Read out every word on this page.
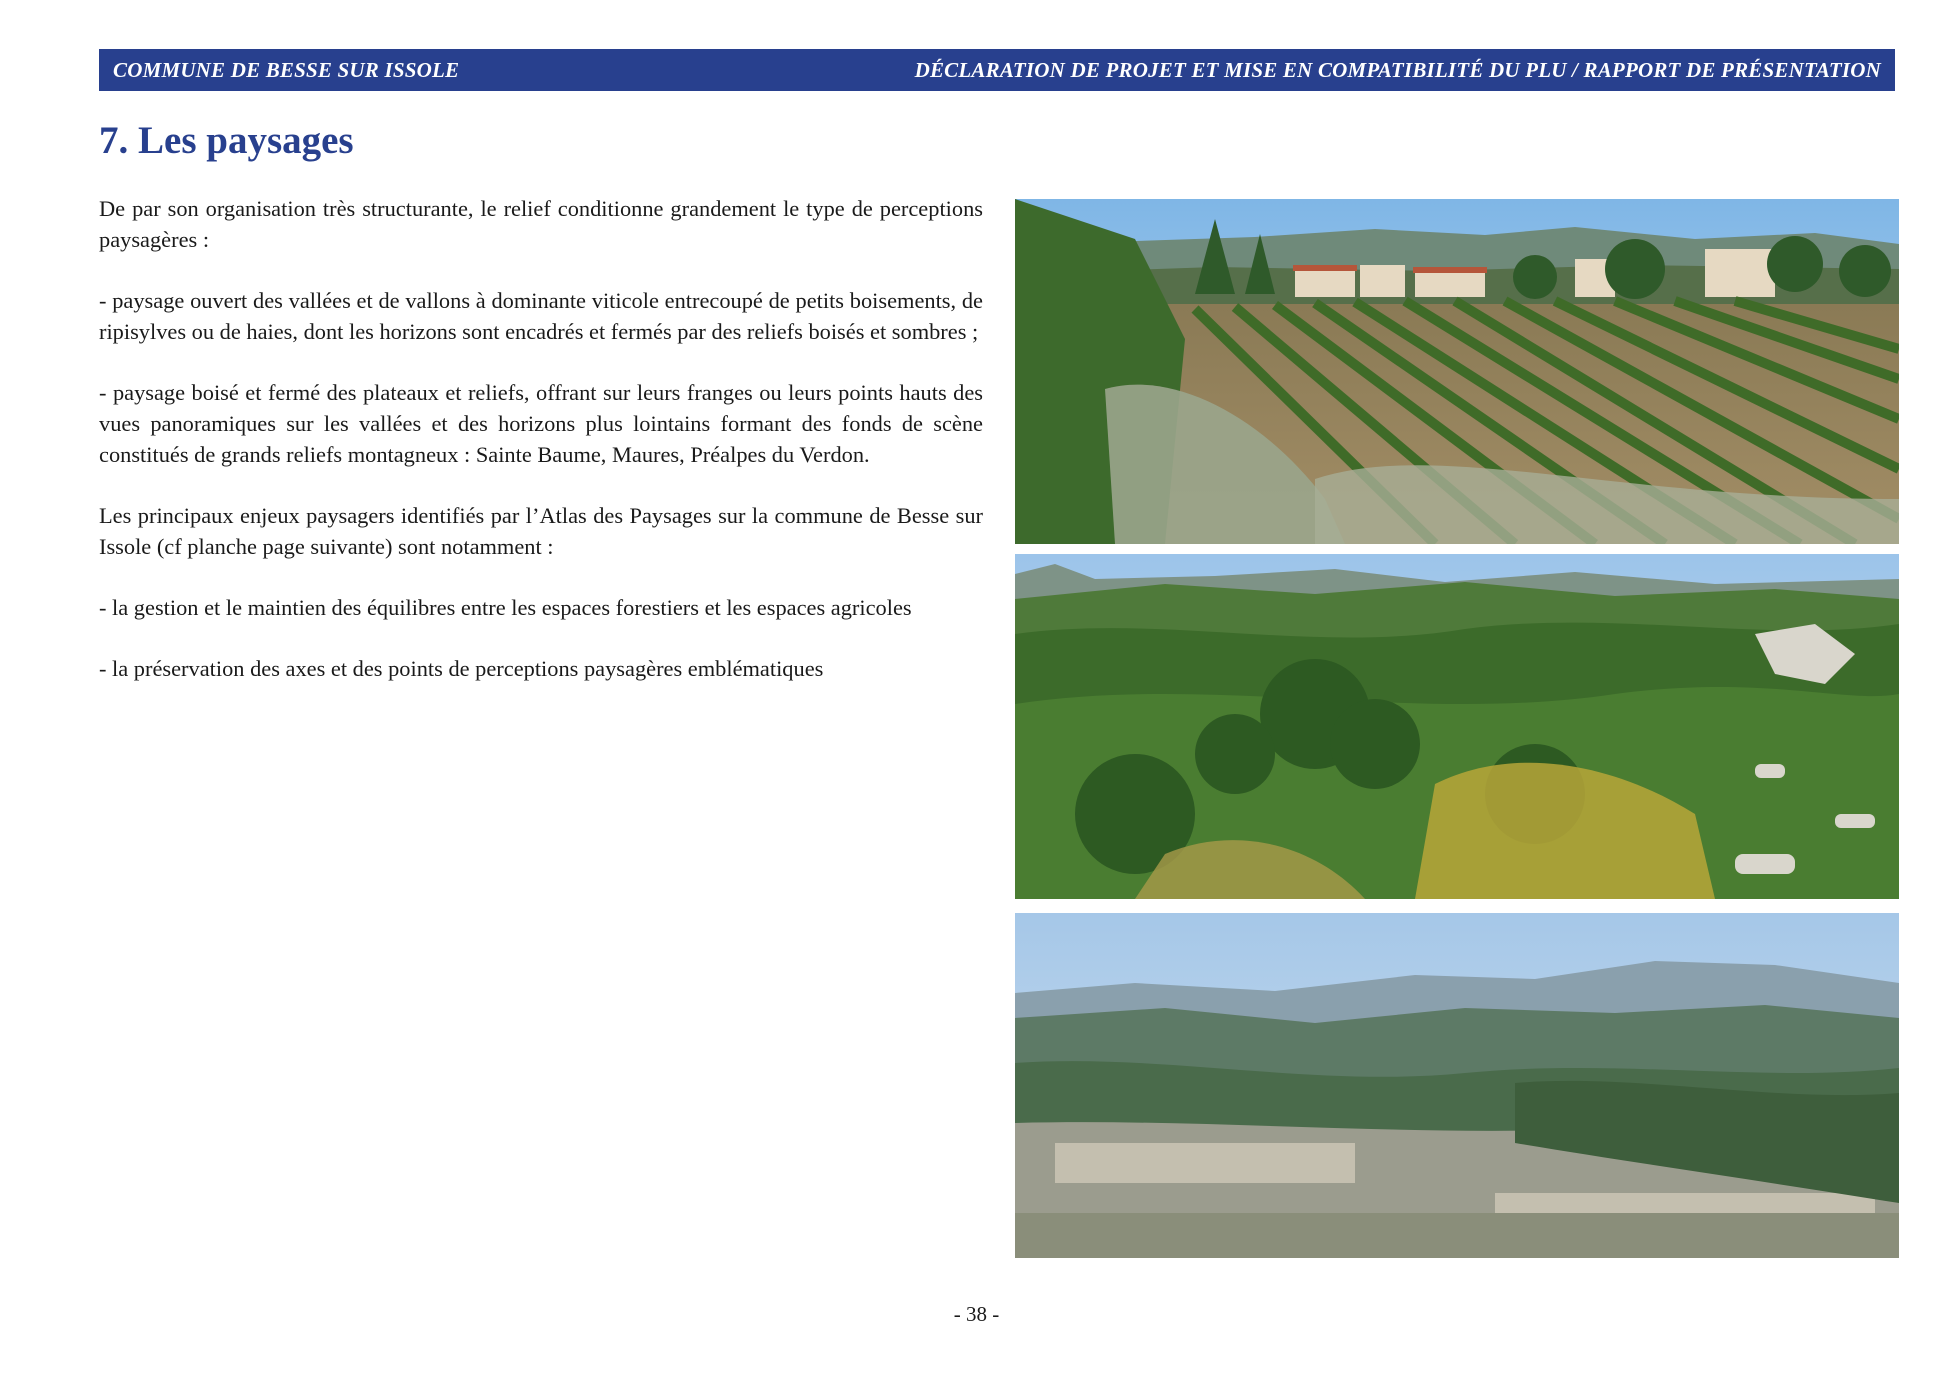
COMMUNE DE BESSE SUR ISSOLE	DÉCLARATION DE PROJET ET MISE EN COMPATIBILITÉ DU PLU / RAPPORT DE PRÉSENTATION
7. Les paysages

De par son organisation très structurante, le relief conditionne grandement le type de perceptions paysagères :

- paysage ouvert des vallées et de vallons à dominante viticole entrecoupé de petits boisements, de ripisylves ou de haies, dont les horizons sont encadrés et fermés par des reliefs boisés et sombres ;

- paysage boisé et fermé des plateaux et reliefs, offrant sur leurs franges ou leurs points hauts des vues panoramiques sur les vallées et des horizons plus lointains formant des fonds de scène constitués de grands reliefs montagneux : Sainte Baume, Maures, Préalpes du Verdon.

Les principaux enjeux paysagers identifiés par l’Atlas des Paysages sur la commune de Besse sur Issole (cf planche page suivante) sont notamment :

- la gestion et le maintien des équilibres entre les espaces forestiers et les espaces agricoles

- la préservation des axes et des points de perceptions paysagères emblématiques

- 38 -
